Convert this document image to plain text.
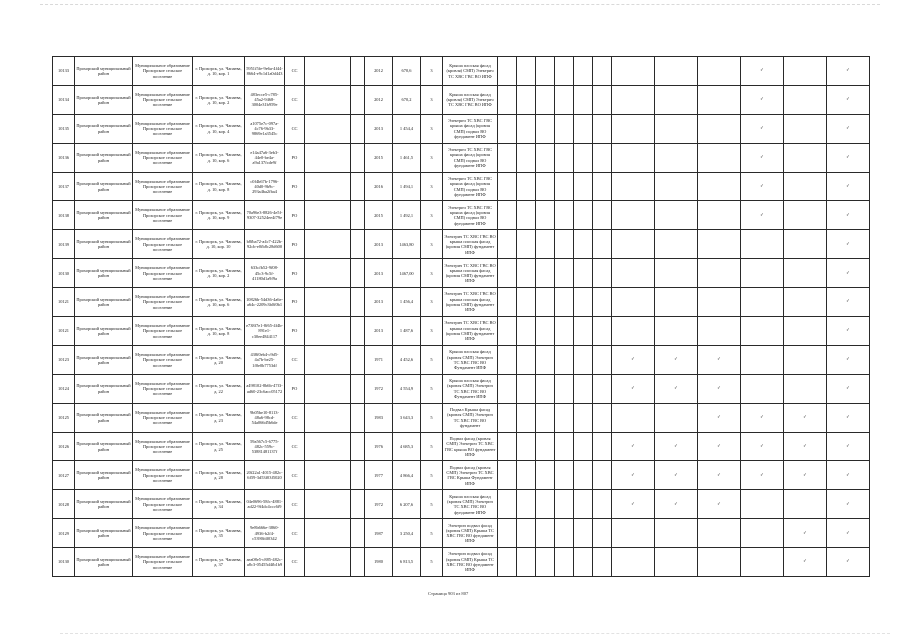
10133	Прохорский муниципальный район	Муниципальное образование Прохорское сельское поселение	г. Прохорск, ул. Чапаева, д. 10, кор. 1	5951f5fe-9e6a-4f44-8664-e9c1d1a0d443	СС			2012	670,6	3	Крыша плоская фасад (кровля) СМП) Электрич ТС ХВС ГВС ВО ИПФ										✓		✓
10134	Прохорский муниципальный район	Муниципальное образование Прохорское сельское поселение	г. Прохорск, ул. Чапаева, д. 10, кор. 2	483ecce5-c785-45a2-9468-3004e31b959e	СС			2012	670,2	3	Крыша плоская фасад (кровля) СМП) Электрич ТС ХВС ГВС ВО ИПФ										✓		✓
10135	Прохорский муниципальный район	Муниципальное образование Прохорское сельское поселение	г. Прохорск, ул. Чапаева, д. 10, кор. 4	a1075e7c-097a-4c76-9b33-9869e1a3545c	СС			2013	1 454,4	3	Электрич ТС ХВС ГВС крыша фасад (кровля СМП) подвал ВО фундамент ИПФ										✓		✓
10136	Прохорский муниципальный район	Муниципальное образование Прохорское сельское поселение	г. Прохорск, ул. Чапаева, д. 10, кор. 6	e14a47a6-3eb3-44e0-be4a-a9a137fcde9f	РО			2015	1 461,5	3	Электрич ТС ХВС ГВС крыша фасад (кровля СМП) подвал ВО фундамент ИПФ										✓		✓
10137	Прохорский муниципальный район	Муниципальное образование Прохорское сельское поселение	г. Прохорск, ул. Чапаева, д. 10, кор. 8	c0f4b67b-1796-40d0-9b9c-293a4ba2fba4	РО			2016	1 494,1	3	Электрич ТС ХВС ГВС крыша фасад (кровля СМП) подвал ВО фундамент ИПФ										✓		✓
10138	Прохорский муниципальный район	Муниципальное образование Прохорское сельское поселение	г. Прохорск, ул. Чапаева, д. 10, кор. 9	70a96e3-8826-4e5f-9307-32524ee4f79e	РО			2015	1 492,1	3	Электрич ТС ХВС ГВС крыша фасад (кровля СМП) подвал ВО фундамент ИПФ										✓		✓
10139	Прохорский муниципальный район	Муниципальное образование Прохорское сельское поселение	г. Прохорск, ул. Чапаева, д. 10, кор. 10	b8fba72-a4c7-422b-92cb-e0fb8c28d600	РО			2013	1463,80	3	Электрич ТС ХВС ГВС ВО крыша плоская фасад (кровля СМП) фундамент ИПФ												✓
10130	Прохорский муниципальный район	Муниципальное образование Прохорское сельское поселение	г. Прохорск, ул. Чапаева, д. 10, кор. 2	633cfb52-9f08-45c3-9c5f-41180d1a9f9a	РО			2013	1467,00	3	Электрич ТС ХВС ГВС ВО крыша плоская фасад (кровля СМП) фундамент ИПФ												✓
10121	Прохорский муниципальный район	Муниципальное образование Прохорское сельское поселение	г. Прохорск, ул. Чапаева, д. 10, кор. 6	10826b-54d36-4a6e-a64c-2209c3b0f0b1	РО			2013	1 456,4	3	Электрич ТС ХВС ГВС ВО крыша плоская фасад (кровля СМП) фундамент ИПФ												✓
10121	Прохорский муниципальный район	Муниципальное образование Прохорское сельское поселение	г. Прохорск, ул. Чапаева, д. 10, кор. 8	e738f7e1-8f65-4f4b-891e1-c30ee4844117	РО			2013	1 487,6	3	Электрич ТС ХВС ГВС ВО крыша плоская фасад (кровля СМП) фундамент ИПФ												✓
10123	Прохорский муниципальный район	Муниципальное образование Прохорское сельское поселение	г. Прохорск, ул. Чапаева, д. 20	438f0eb4-c9d5-4a7b-be25-1f0e0b7753df	СС			1971	4 452,6	5	Крыша плоская фасад (кровля СМП) Электрич ТС ХВС ГВС ВО Фундамент ИПФ							✓	✓	✓			✓
10124	Прохорский муниципальный район	Муниципальное образование Прохорское сельское поселение	г. Прохорск, ул. Чапаева, д. 22	a498102-8b6b-47f3-ad60-23c6acc05172	РО			1972	4 554,9	5	Крыша плоская фасад (кровля СМП) Электрич ТС ХВС ГВС ВО Фундамент ИПФ							✓	✓	✓			✓
10125	Прохорский муниципальный район	Муниципальное образование Прохорское сельское поселение	г. Прохорск, ул. Чапаева, д. 23	9b05be10-8113-48a6-98cd-54a066d5b6de	СС			1983	3 643,3	5	Подвал Крыша фасад (кровля СМП) Электрич ТС ХВС ГВС ВО фундамент									✓	✓	✓	✓
10126	Прохорский муниципальный район	Муниципальное образование Прохорское сельское поселение	г. Прохорск, ул. Чапаева, д. 25	59a567c5-6775-482c-559c-53881481137f	СС			1976	4 685,3	5	Подвал фасад (кровля СМП) Электрич ТС ХВС ГВС крыша ВО фундамент ИПФ							✓	✓	✓	✓	✓	✓
10127	Прохорский муниципальный район	Муниципальное образование Прохорское сельское поселение	г. Прохорск, ул. Чапаева, д. 28	20f22a1-4015-482c-6f59-3d53f03f5020	СС			1977	4 866,4	5	Подвал фасад (кровля СМП) Электрич ТС ХВС ГВС Крыша Фундамент ИПФ							✓	✓	✓	✓	✓	✓
10128	Прохорский муниципальный район	Муниципальное образование Прохорское сельское поселение	г. Прохорск, ул. Чапаева, д. 34	04e0696-58fc-4881-ad22-9f4dc4ccc6f9	СС			1972	6 207,6	5	Крыша плоская фасад (кровля СМП) Электрич ТС ХВС ГВС ВО фундамент ИПФ							✓	✓	✓			✓
10129	Прохорский муниципальный район	Муниципальное образование Прохорское сельское поселение	г. Прохорск, ул. Чапаева, д. 35	9e8b666e-3860-4936-b2f4-c5390fdf0342	СС			1987	3 250,4	5	Электрич подвал фасад (кровля СМП) Крыша ТС ХВС ГВС ВО фундамент ИПФ											✓	✓
10130	Прохорский муниципальный район	Муниципальное образование Прохорское сельское поселение	г. Прохорск, ул. Чапаева, д. 37	aea08e5-c885-482c-a8c3-05455d4fb1b9	СС			1980	6 813,5	5	Электрич подвал фасад (кровля СМП) Крыша ТС ХВС ГВС ВО фундамент ИПФ											✓	✓
Страница 903 из 807
